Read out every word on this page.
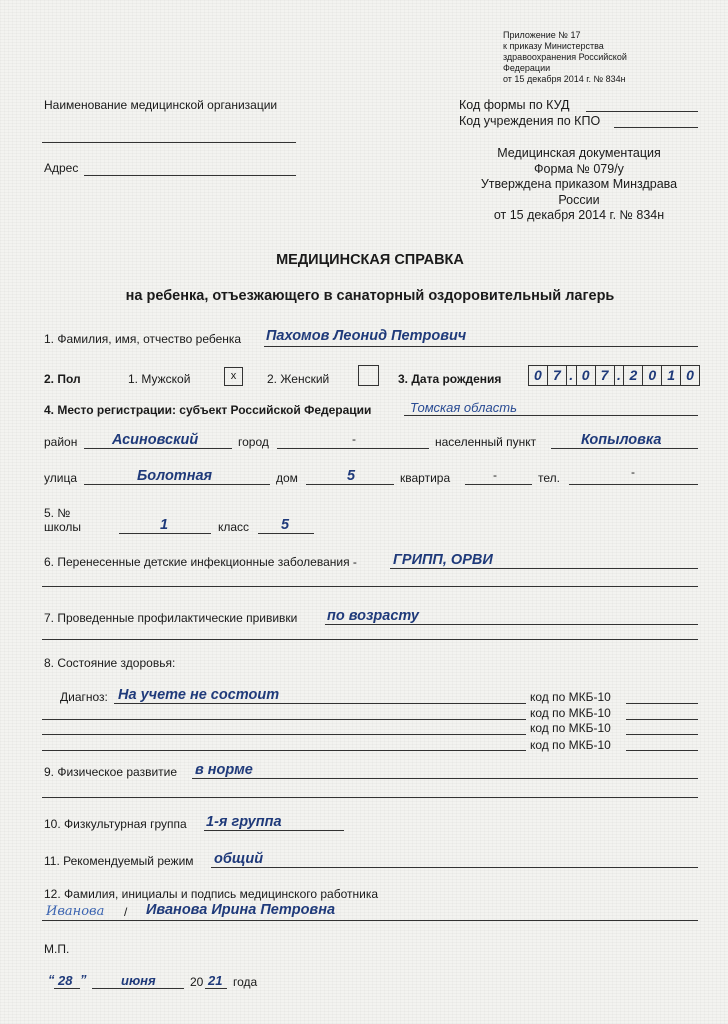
Приложение № 17
к приказу Министерства
здравоохранения Российской
Федерации
от 15 декабря 2014 г. № 834н
Наименование медицинской организации
Адрес
Код формы по КУД
Код учреждения по КПО
Медицинская документация
Форма № 079/у
Утверждена приказом Минздрава
России
от 15 декабря 2014 г. № 834н
МЕДИЦИНСКАЯ СПРАВКА
на ребенка, отъезжающего в санаторный оздоровительный лагерь
1. Фамилия, имя, отчество ребенка Пахомов Леонид Петрович
2. Пол	1. Мужской	x	2. Женский	3. Дата рождения	0 7 . 0 7 . 2 0 1 0
4. Место регистрации: субъект Российской Федерации	Томская область
район Асиновский	город	-	населенный пункт	Копыловка
улица	Болотная	дом	5	квартира	-	тел.	-
5. №
школы	1	класс 5
6. Перенесенные детские инфекционные заболевания - ГРИПП, ОРВИ
7. Проведенные профилактические прививки по возрасту
8. Состояние здоровья:
Диагноз: На учете не состоит	код по МКБ-10
код по МКБ-10
код по МКБ-10
код по МКБ-10
9. Физическое развитие в норме
10. Физкультурная группа 1-я группа
11. Рекомендуемый режим общий
12. Фамилия, инициалы и подпись медицинского работника
Иванова / Иванова Ирина Петровна
М.П.
“ 28 ”	июня	20 21 года
